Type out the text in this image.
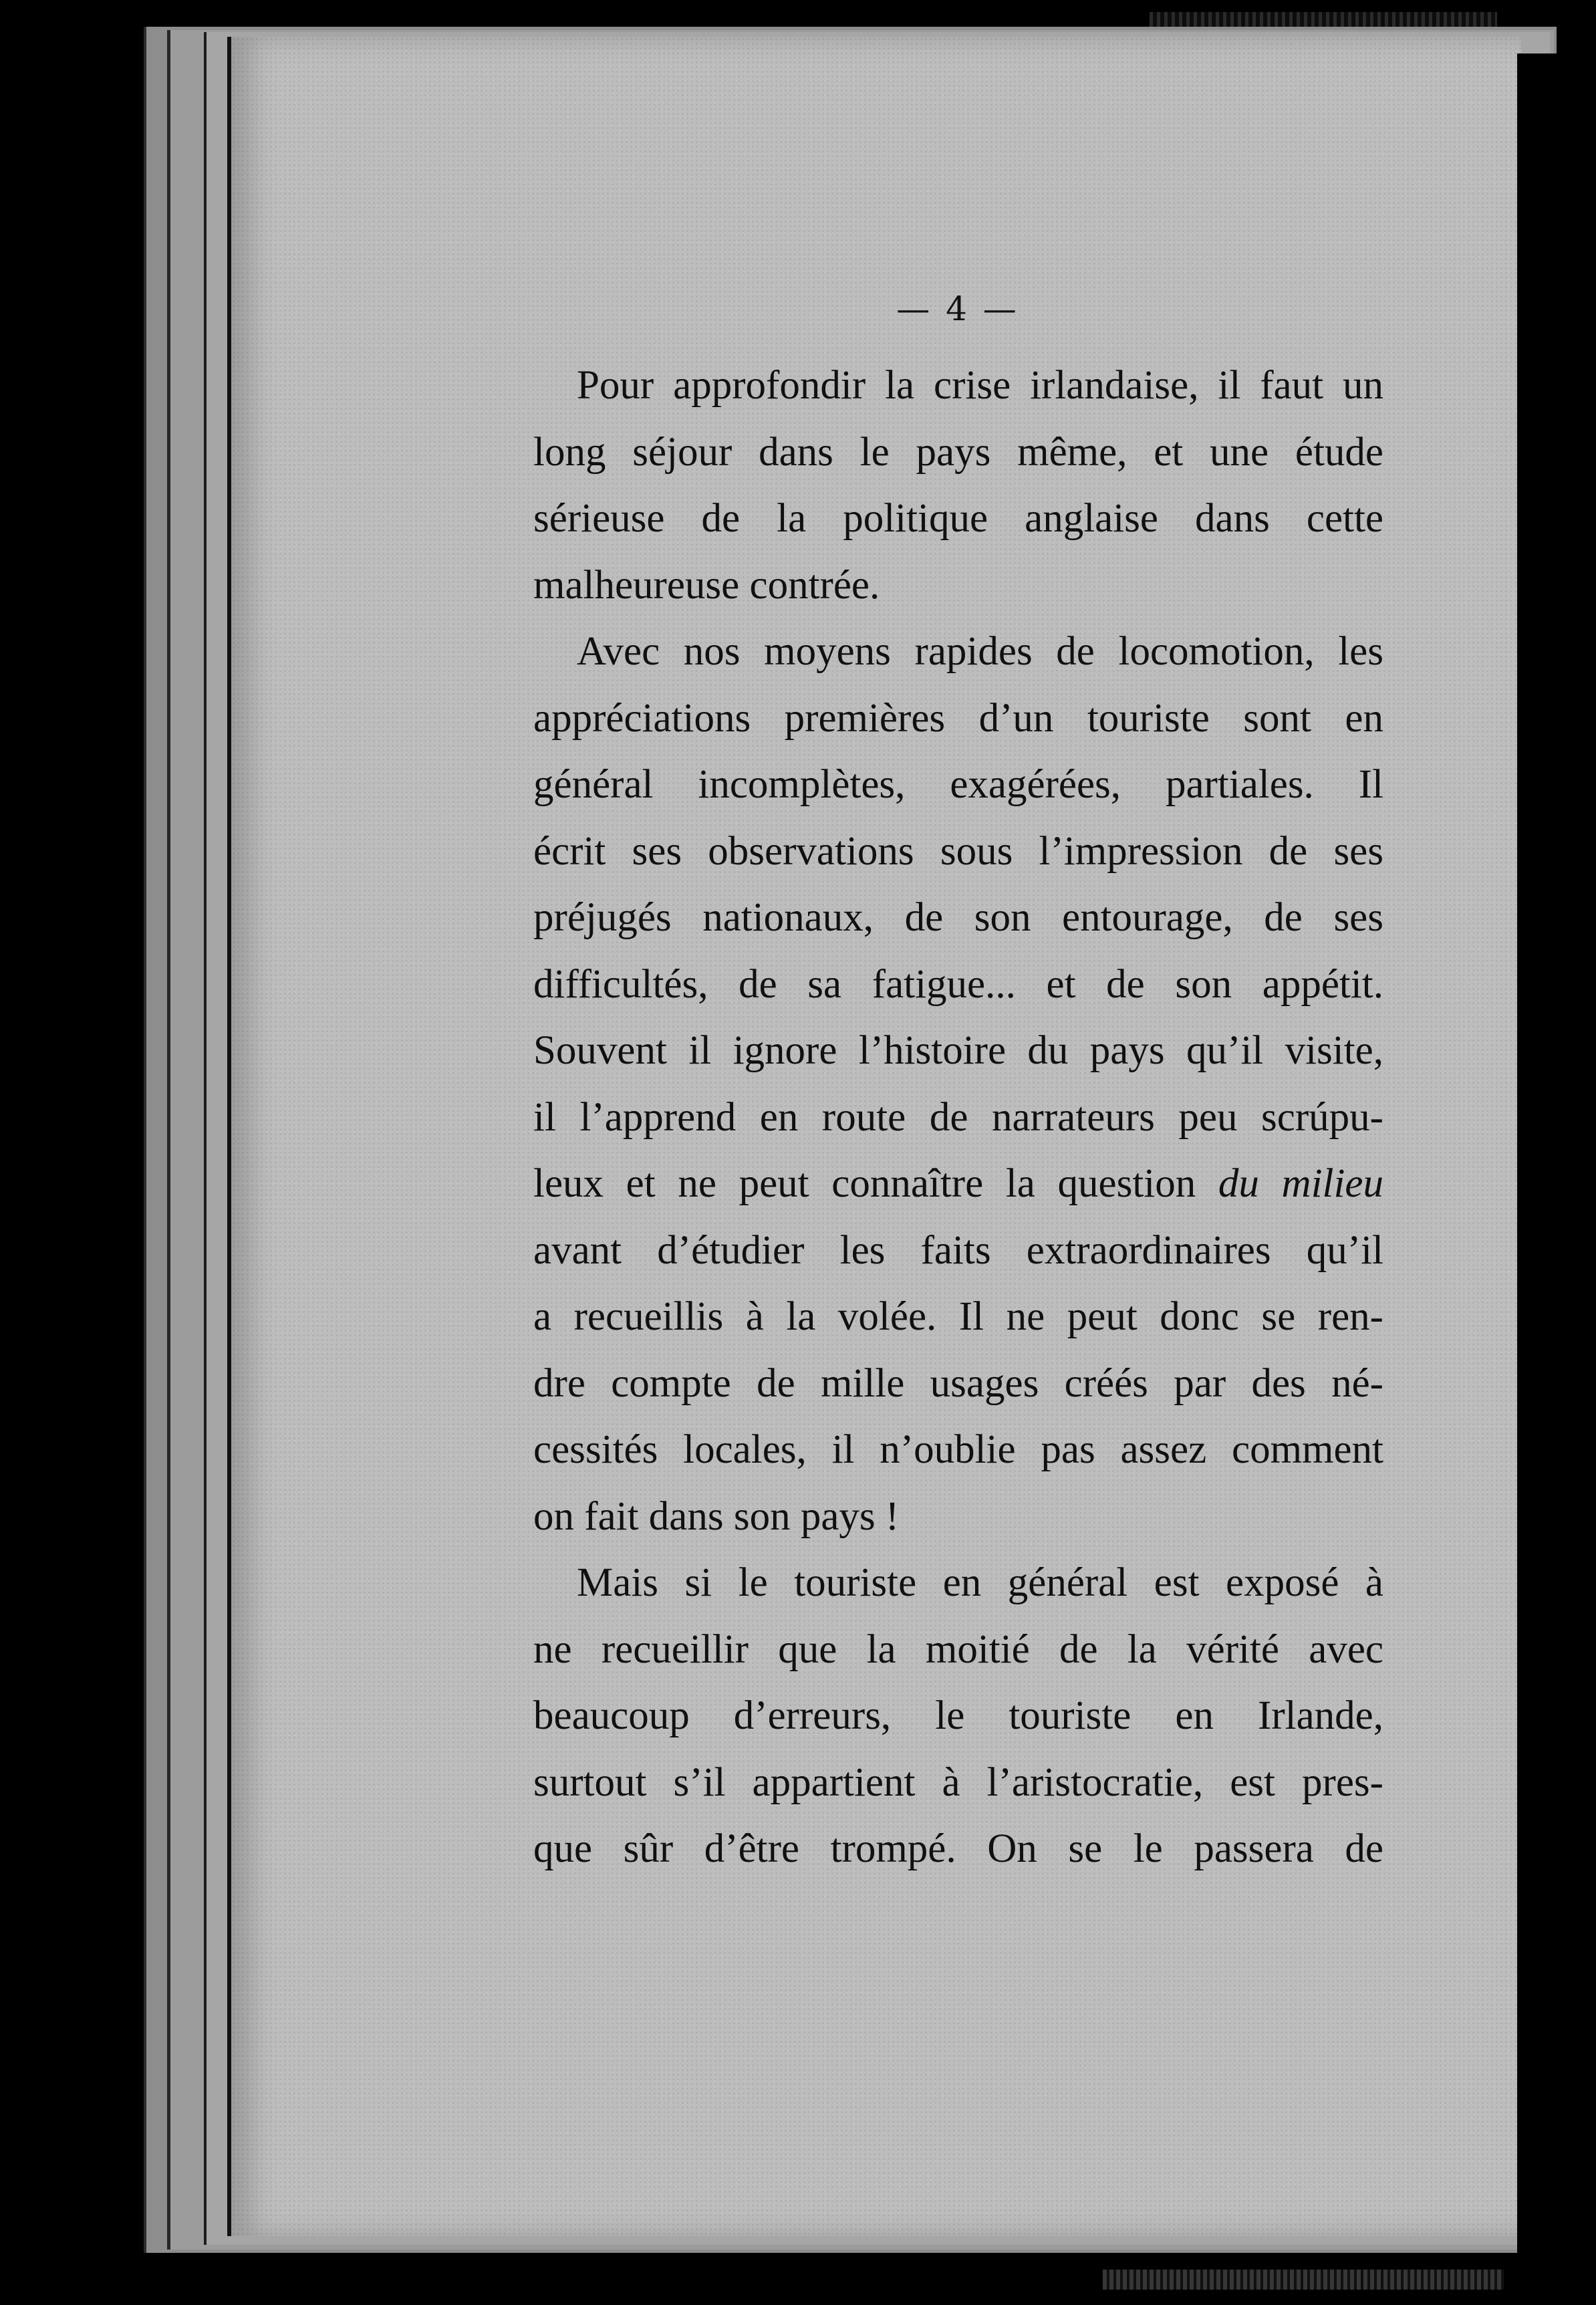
— 4 —
Pour approfondir la crise irlandaise, il faut un
long séjour dans le pays même, et une étude
sérieuse de la politique anglaise dans cette
malheureuse contrée.
Avec nos moyens rapides de locomotion, les
appréciations premières d’un touriste sont en
général incomplètes, exagérées, partiales. Il
écrit ses observations sous l’impression de ses
préjugés nationaux, de son entourage, de ses
difficultés, de sa fatigue... et de son appétit.
Souvent il ignore l’histoire du pays qu’il visite,
il l’apprend en route de narrateurs peu scrúpu-
leux et ne peut connaître la question du milieu
avant d’étudier les faits extraordinaires qu’il
a recueillis à la volée. Il ne peut donc se ren-
dre compte de mille usages créés par des né-
cessités locales, il n’oublie pas assez comment
on fait dans son pays !
Mais si le touriste en général est exposé à
ne recueillir que la moitié de la vérité avec
beaucoup d’erreurs, le touriste en Irlande,
surtout s’il appartient à l’aristocratie, est pres-
que sûr d’être trompé. On se le passera de
